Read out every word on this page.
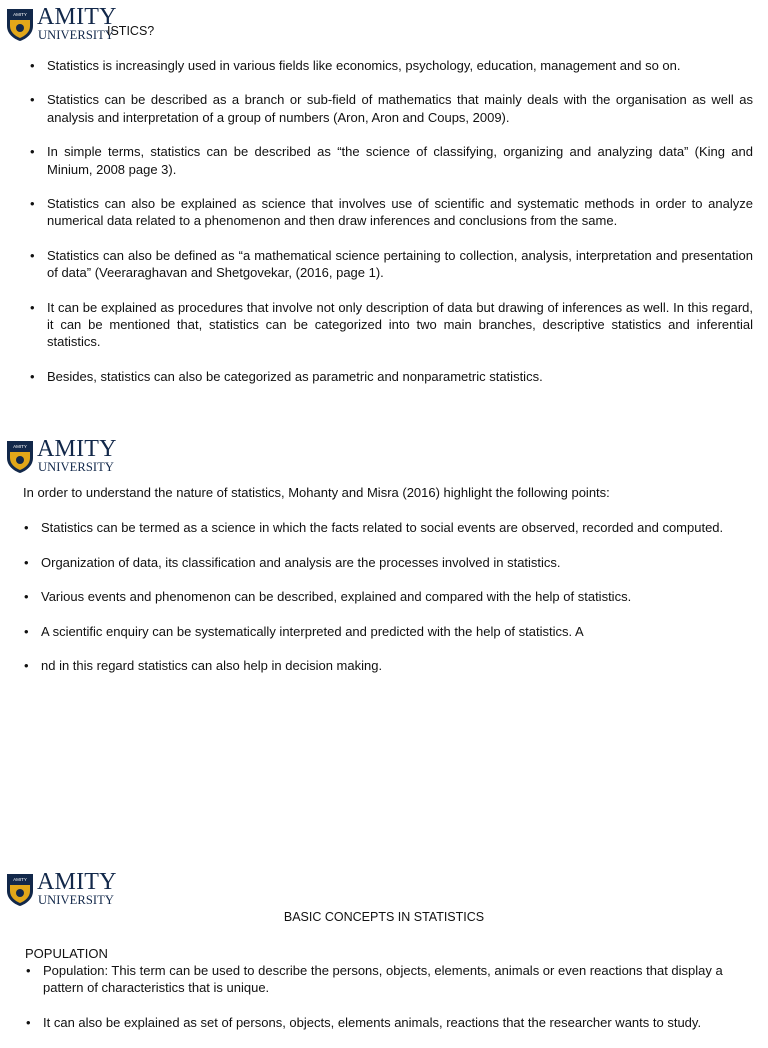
AMITY AMITY
UNIVERSITY
ISTICS?
• Statistics is increasingly used in various fields like economics, psychology, education, management and so on.
• Statistics can be described as a branch or sub-field of mathematics that mainly deals with the organisation as well as analysis and interpretation of a group of numbers (Aron, Aron and Coups, 2009).
• In simple terms, statistics can be described as “the science of classifying, organizing and analyzing data” (King and Minium, 2008 page 3).
• Statistics can also be explained as science that involves use of scientific and systematic methods in order to analyze numerical data related to a phenomenon and then draw inferences and conclusions from the same.
• Statistics can also be defined as “a mathematical science pertaining to collection, analysis, interpretation and presentation of data” (Veeraraghavan and Shetgovekar, (2016, page 1).
• It can be explained as procedures that involve not only description of data but drawing of inferences as well. In this regard, it can be mentioned that, statistics can be categorized into two main branches, descriptive statistics and inferential statistics.
• Besides, statistics can also be categorized as parametric and nonparametric statistics.
AMITY AMITY
UNIVERSITY
In order to understand the nature of statistics, Mohanty and Misra (2016) highlight the following points:
• Statistics can be termed as a science in which the facts related to social events are observed, recorded and computed.
• Organization of data, its classification and analysis are the processes involved in statistics.
• Various events and phenomenon can be described, explained and compared with the help of statistics.
• A scientific enquiry can be systematically interpreted and predicted with the help of statistics. A
• nd in this regard statistics can also help in decision making.
AMITY AMITY
UNIVERSITY
BASIC CONCEPTS IN STATISTICS
POPULATION
• Population: This term can be used to describe the persons, objects, elements, animals or even reactions that display a pattern of characteristics that is unique.
• It can also be explained as set of persons, objects, elements animals, reactions that the researcher wants to study.
